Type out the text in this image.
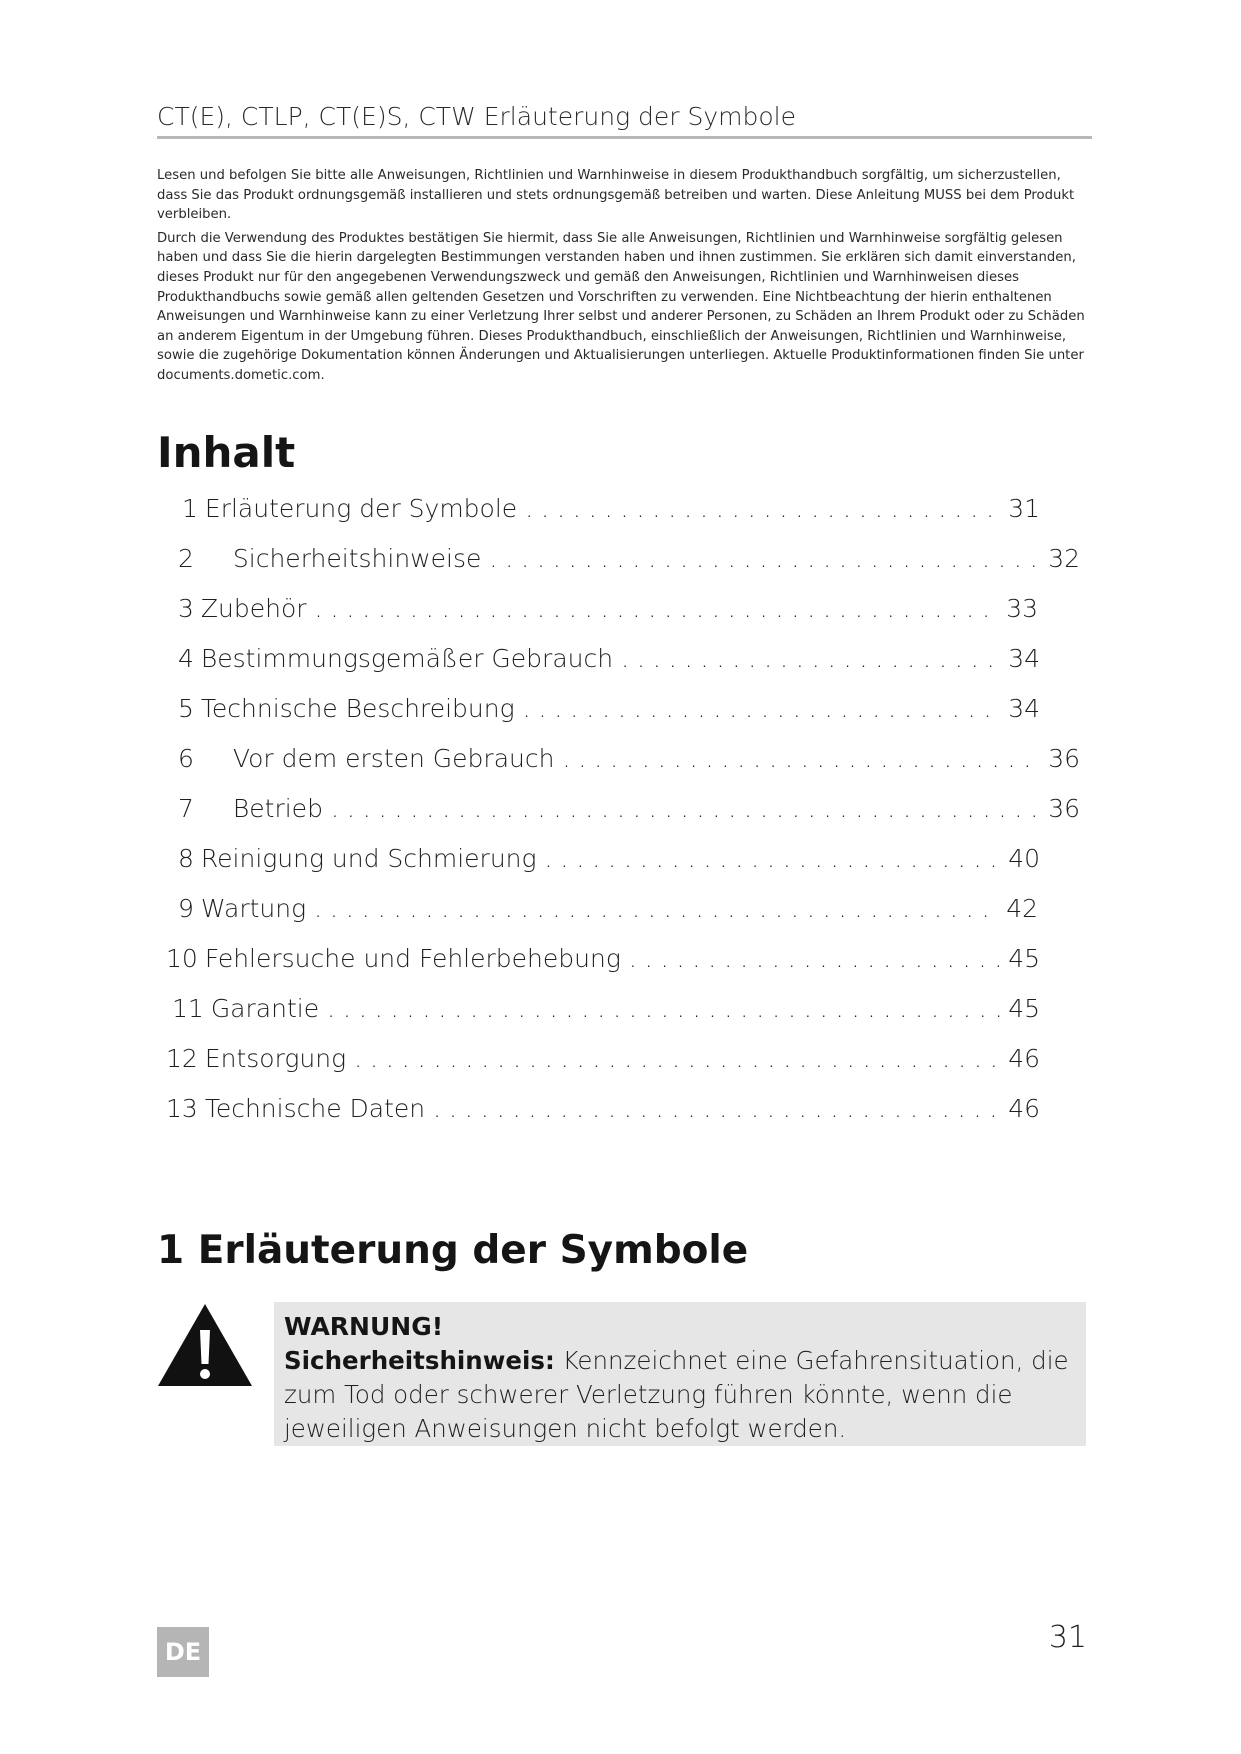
CT(E), CTLP, CT(E)S, CTW Erläuterung der Symbole

Lesen und befolgen Sie bitte alle Anweisungen, Richtlinien und Warnhinweise in diesem Produkthandbuch sorgfältig, um sicherzustellen, dass Sie das Produkt ordnungsgemäß installieren und stets ordnungsgemäß betreiben und warten. Diese Anleitung MUSS bei dem Produkt verbleiben.

Durch die Verwendung des Produktes bestätigen Sie hiermit, dass Sie alle Anweisungen, Richtlinien und Warnhinweise sorgfältig gelesen haben und dass Sie die hierin dargelegten Bestimmungen verstanden haben und ihnen zustimmen. Sie erklären sich damit einverstanden, dieses Produkt nur für den angegebenen Verwendungszweck und gemäß den Anweisungen, Richtlinien und Warnhinweisen dieses Produkthandbuchs sowie gemäß allen geltenden Gesetzen und Vorschriften zu verwenden. Eine Nichtbeachtung der hierin enthaltenen Anweisungen und Warnhinweise kann zu einer Verletzung Ihrer selbst und anderer Personen, zu Schäden an Ihrem Produkt oder zu Schäden an anderem Eigentum in der Umgebung führen. Dieses Produkthandbuch, einschließlich der Anweisungen, Richtlinien und Warnhinweise, sowie die zugehörige Dokumentation können Änderungen und Aktualisierungen unterliegen. Aktuelle Produktinformationen finden Sie unter documents.dometic.com.

Inhalt
1 Erläuterung der Symbole . . .	31
2 Sicherheitshinweise . . .	32
3 Zubehör . . .	33
4 Bestimmungsgemäßer Gebrauch . . .	34
5 Technische Beschreibung . . .	34
6 Vor dem ersten Gebrauch . . .	36
7 Betrieb . . .	36
8 Reinigung und Schmierung . . .	40
9 Wartung . . .	42
10 Fehlersuche und Fehlerbehebung . . .	45
11 Garantie . . .	45
12 Entsorgung . . .	46
13 Technische Daten . . .	46
1 Erläuterung der Symbole
WARNUNG!
Sicherheitshinweis: Kennzeichnet eine Gefahrensituation, die zum Tod oder schwerer Verletzung führen könnte, wenn die jeweiligen Anweisungen nicht befolgt werden.
DE	31
